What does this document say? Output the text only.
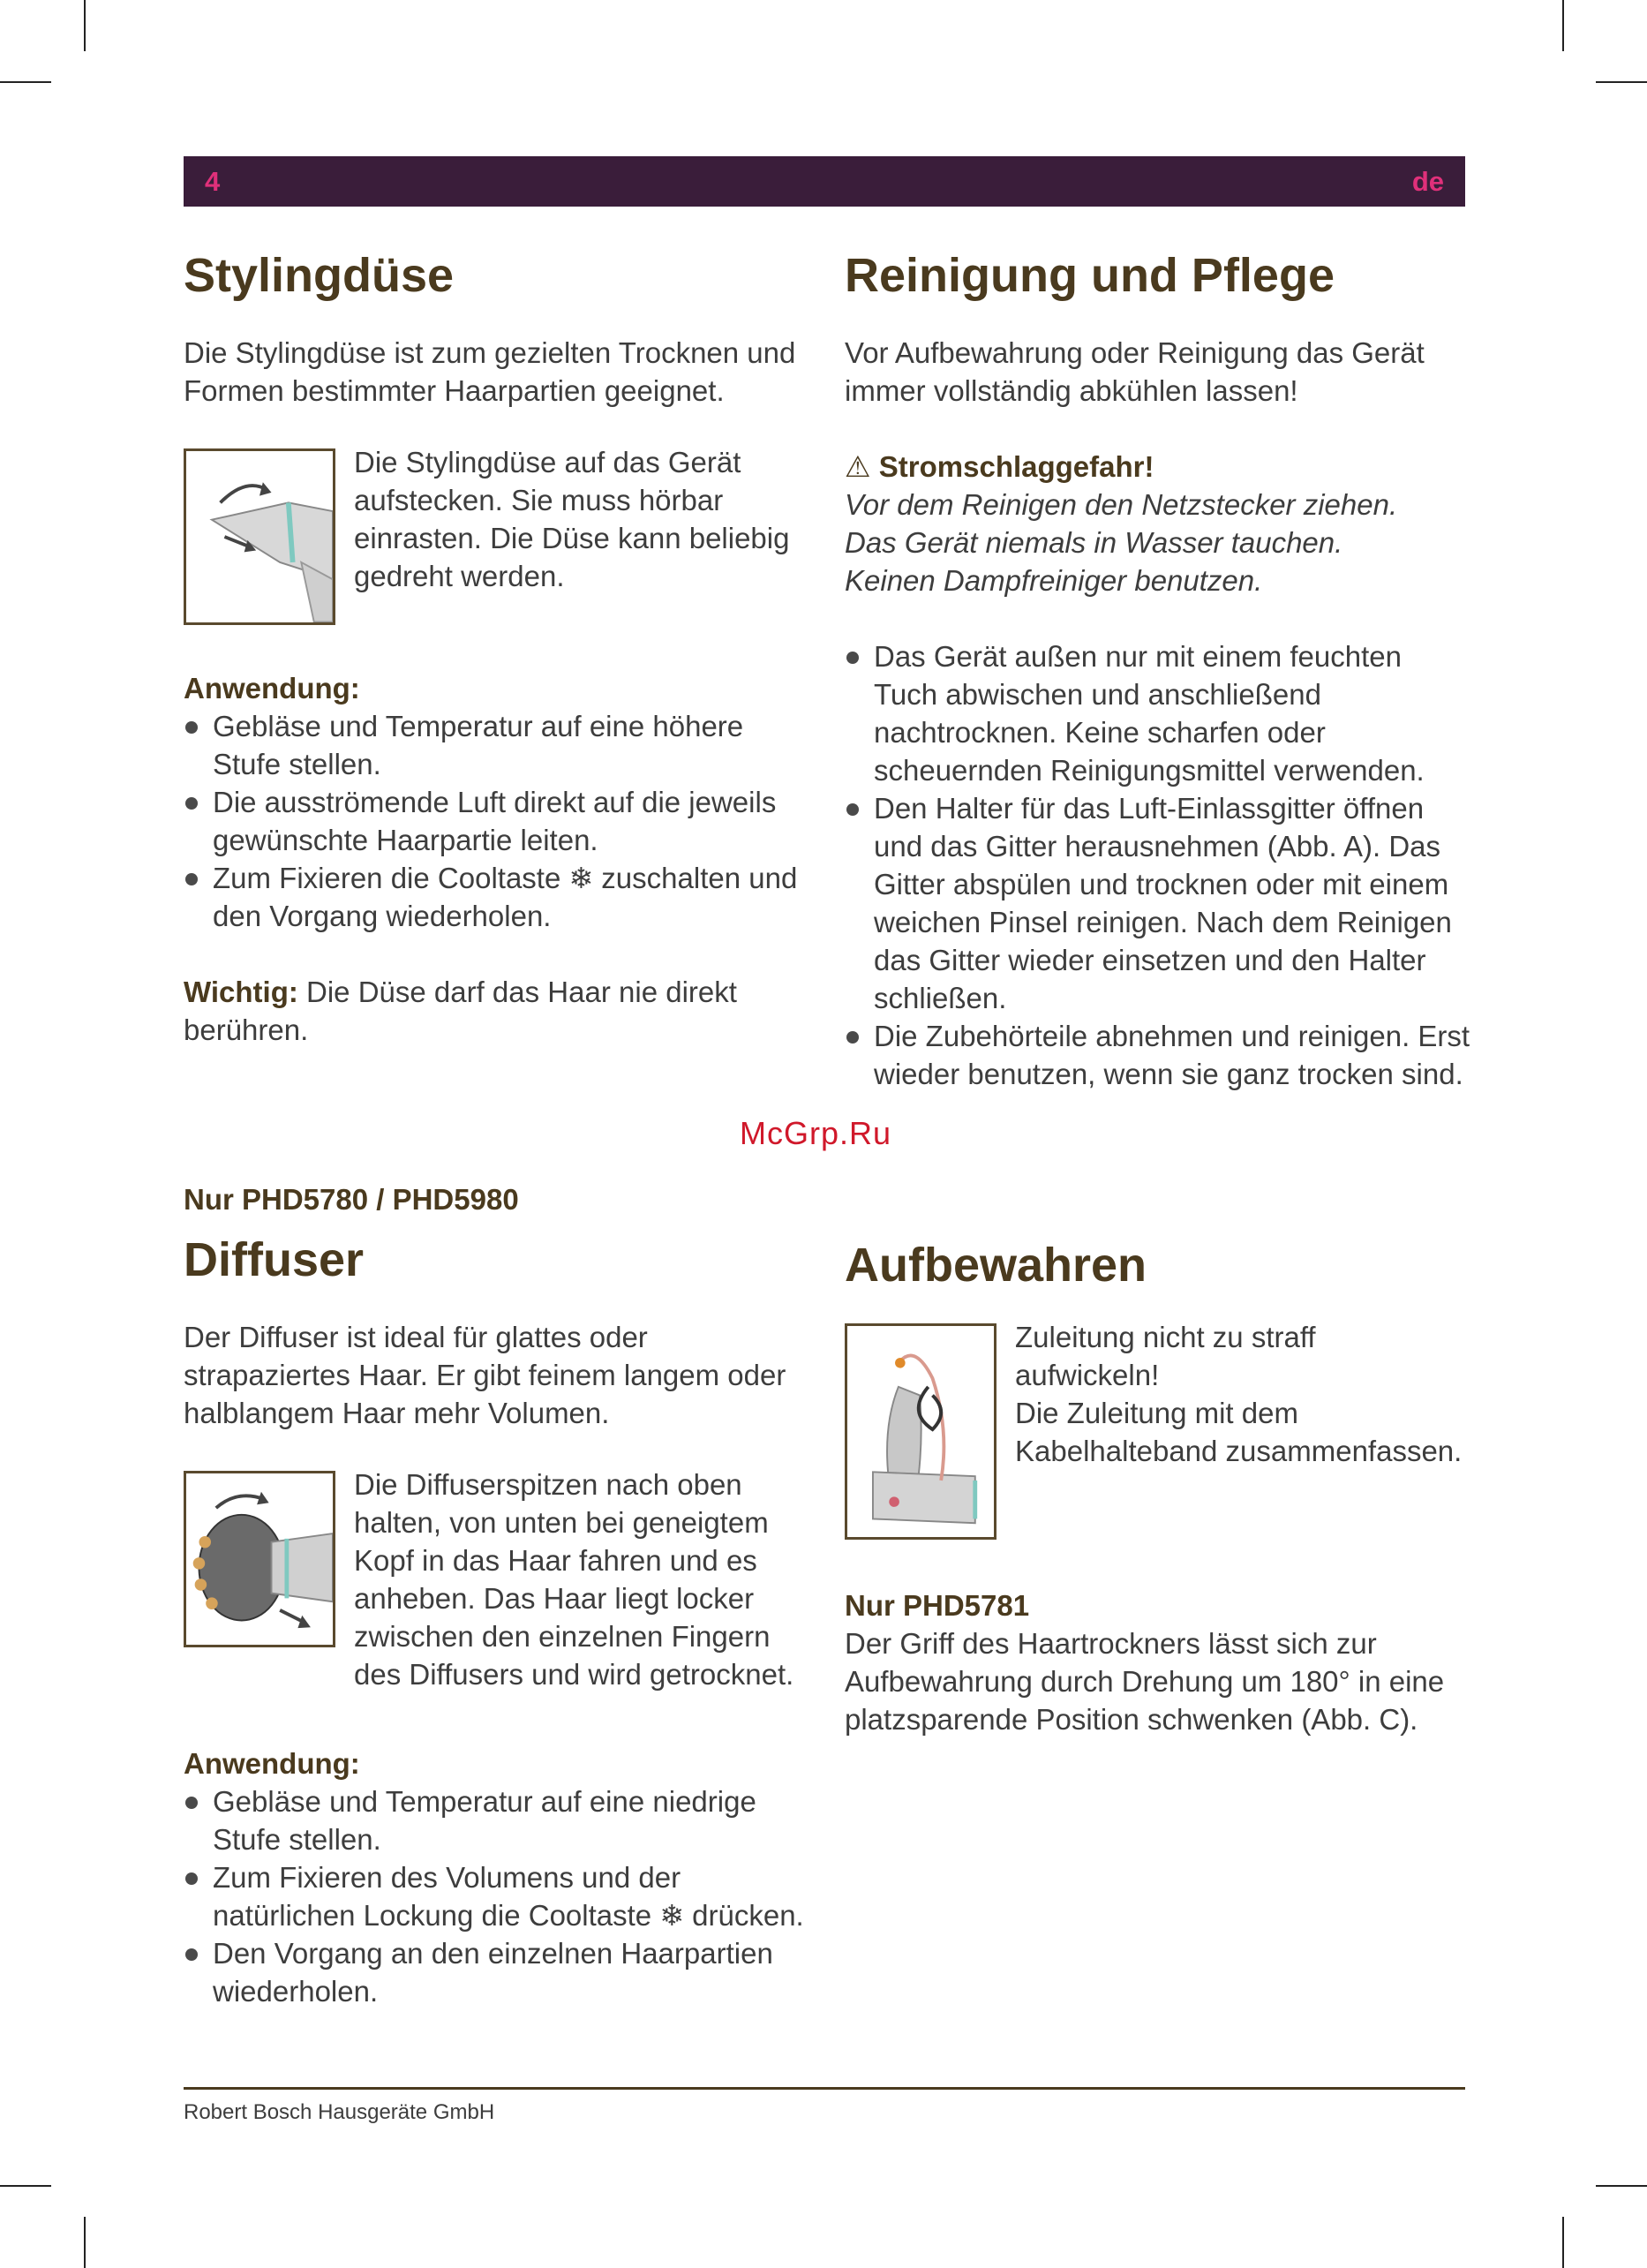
4	de
Stylingdüse

Die Stylingdüse ist zum gezielten Trocknen und Formen bestimmter Haarpartien geeignet.

Die Stylingdüse auf das Gerät aufstecken. Sie muss hörbar einrasten. Die Düse kann beliebig gedreht werden.

Anwendung:

Gebläse und Temperatur auf eine höhere Stufe stellen.
Die ausströmende Luft direkt auf die jeweils gewünschte Haarpartie leiten.
Zum Fixieren die Cooltaste ❄ zuschalten und den Vorgang wiederholen.

Wichtig: Die Düse darf das Haar nie direkt berühren.

Nur PHD5780 / PHD5980

Diffuser

Der Diffuser ist ideal für glattes oder strapaziertes Haar. Er gibt feinem langem oder halblangem Haar mehr Volumen.

Die Diffuserspitzen nach oben halten, von unten bei geneigtem Kopf in das Haar fahren und es anheben. Das Haar liegt locker zwischen den einzelnen Fingern des Diffusers und wird getrocknet.

Anwendung:

Gebläse und Temperatur auf eine niedrige Stufe stellen.
Zum Fixieren des Volumens und der natürlichen Lockung die Cooltaste ❄ drücken.
Den Vorgang an den einzelnen Haarpartien wiederholen.
Reinigung und Pflege

Vor Aufbewahrung oder Reinigung das Gerät immer vollständig abkühlen lassen!

⚠ Stromschlaggefahr!

Vor dem Reinigen den Netzstecker ziehen.

Das Gerät niemals in Wasser tauchen.

Keinen Dampfreiniger benutzen.

Das Gerät außen nur mit einem feuchten Tuch abwischen und anschließend nachtrocknen. Keine scharfen oder scheuernden Reinigungsmittel verwenden.
Den Halter für das Luft-Einlassgitter öffnen und das Gitter herausnehmen (Abb. A). Das Gitter abspülen und trocknen oder mit einem weichen Pinsel reinigen. Nach dem Reinigen das Gitter wieder einsetzen und den Halter schließen.
Die Zubehörteile abnehmen und reinigen. Erst wieder benutzen, wenn sie ganz trocken sind.
Aufbewahren

Zuleitung nicht zu straff aufwickeln!

Die Zuleitung mit dem Kabelhalteband zusammenfassen.

Nur PHD5781

Der Griff des Haartrockners lässt sich zur Aufbewahrung durch Drehung um 180° in eine platzsparende Position schwenken (Abb. C).

McGrp.Ru
Robert Bosch Hausgeräte GmbH
